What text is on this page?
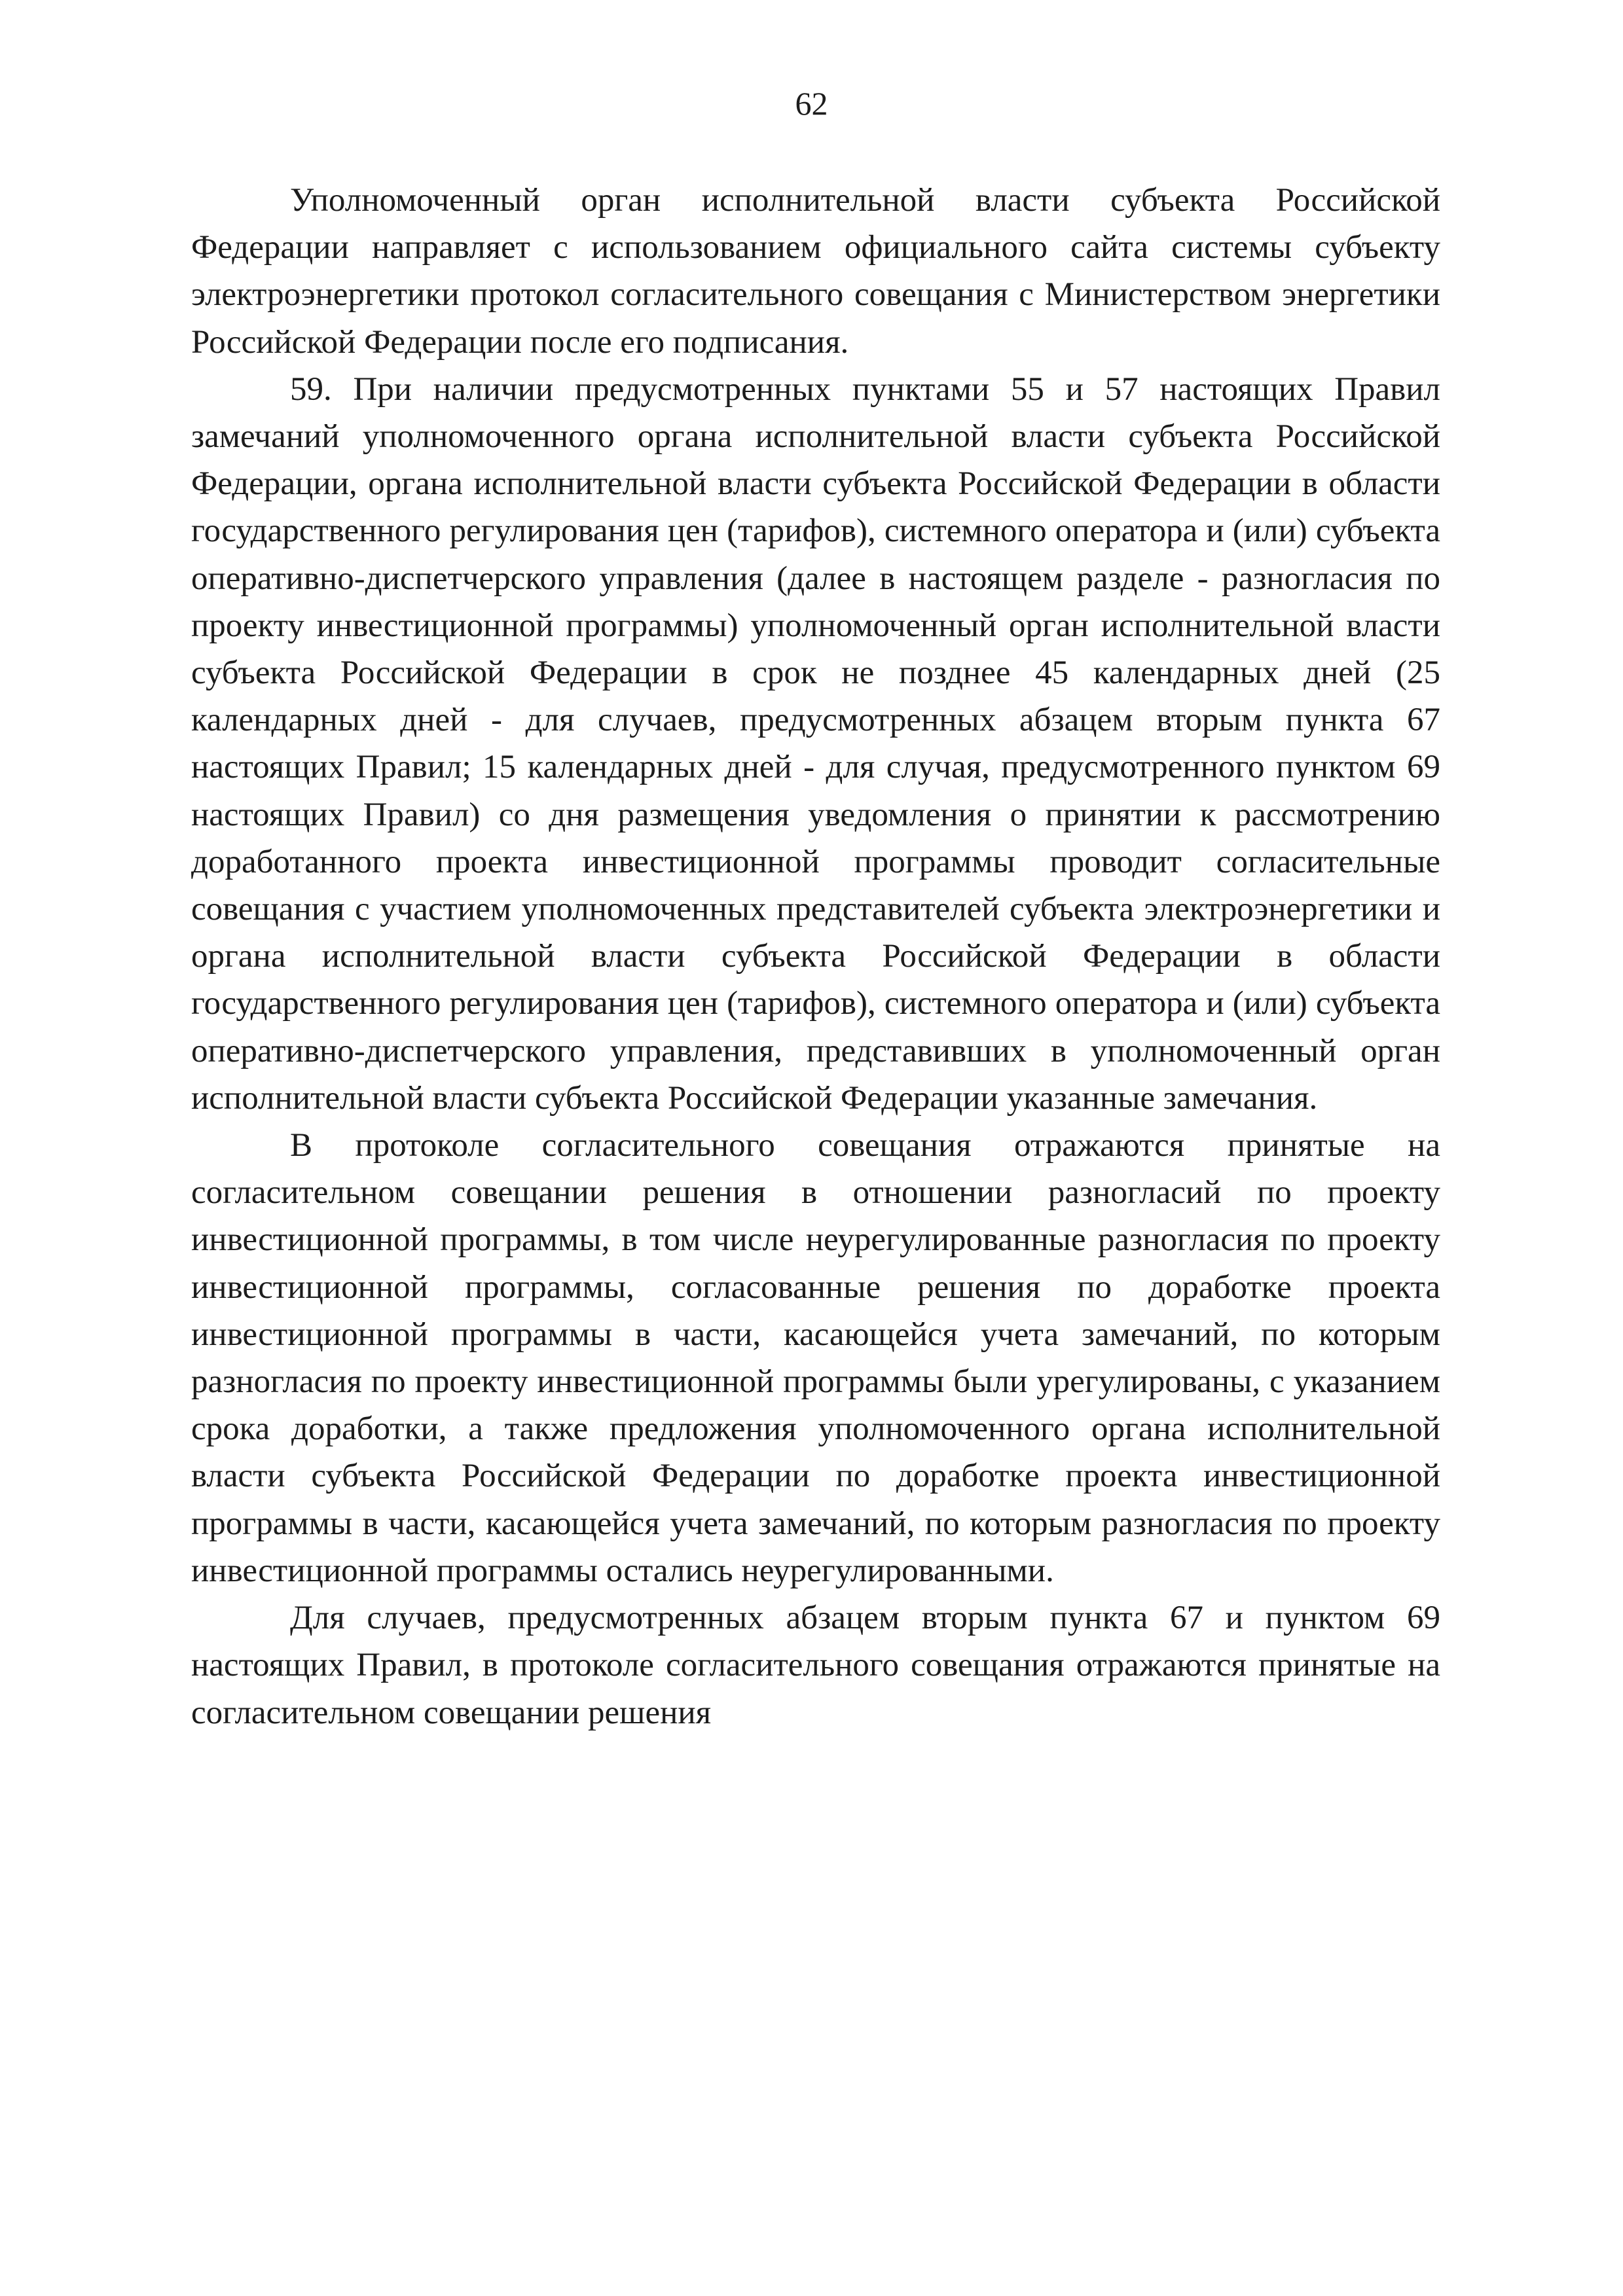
62

Уполномоченный орган исполнительной власти субъекта Российской Федерации направляет с использованием официального сайта системы субъекту электроэнергетики протокол согласительного совещания с Министерством энергетики Российской Федерации после его подписания.

59. При наличии предусмотренных пунктами 55 и 57 настоящих Правил замечаний уполномоченного органа исполнительной власти субъекта Российской Федерации, органа исполнительной власти субъекта Российской Федерации в области государственного регулирования цен (тарифов), системного оператора и (или) субъекта оперативно-диспетчерского управления (далее в настоящем разделе - разногласия по проекту инвестиционной программы) уполномоченный орган исполнительной власти субъекта Российской Федерации в срок не позднее 45 календарных дней (25 календарных дней - для случаев, предусмотренных абзацем вторым пункта 67 настоящих Правил; 15 календарных дней - для случая, предусмотренного пунктом 69 настоящих Правил) со дня размещения уведомления о принятии к рассмотрению доработанного проекта инвестиционной программы проводит согласительные совещания с участием уполномоченных представителей субъекта электроэнергетики и органа исполнительной власти субъекта Российской Федерации в области государственного регулирования цен (тарифов), системного оператора и (или) субъекта оперативно-диспетчерского управления, представивших в уполномоченный орган исполнительной власти субъекта Российской Федерации указанные замечания.

В протоколе согласительного совещания отражаются принятые на согласительном совещании решения в отношении разногласий по проекту инвестиционной программы, в том числе неурегулированные разногласия по проекту инвестиционной программы, согласованные решения по доработке проекта инвестиционной программы в части, касающейся учета замечаний, по которым разногласия по проекту инвестиционной программы были урегулированы, с указанием срока доработки, а также предложения уполномоченного органа исполнительной власти субъекта Российской Федерации по доработке проекта инвестиционной программы в части, касающейся учета замечаний, по которым разногласия по проекту инвестиционной программы остались неурегулированными.

Для случаев, предусмотренных абзацем вторым пункта 67 и пунктом 69 настоящих Правил, в протоколе согласительного совещания отражаются принятые на согласительном совещании решения
